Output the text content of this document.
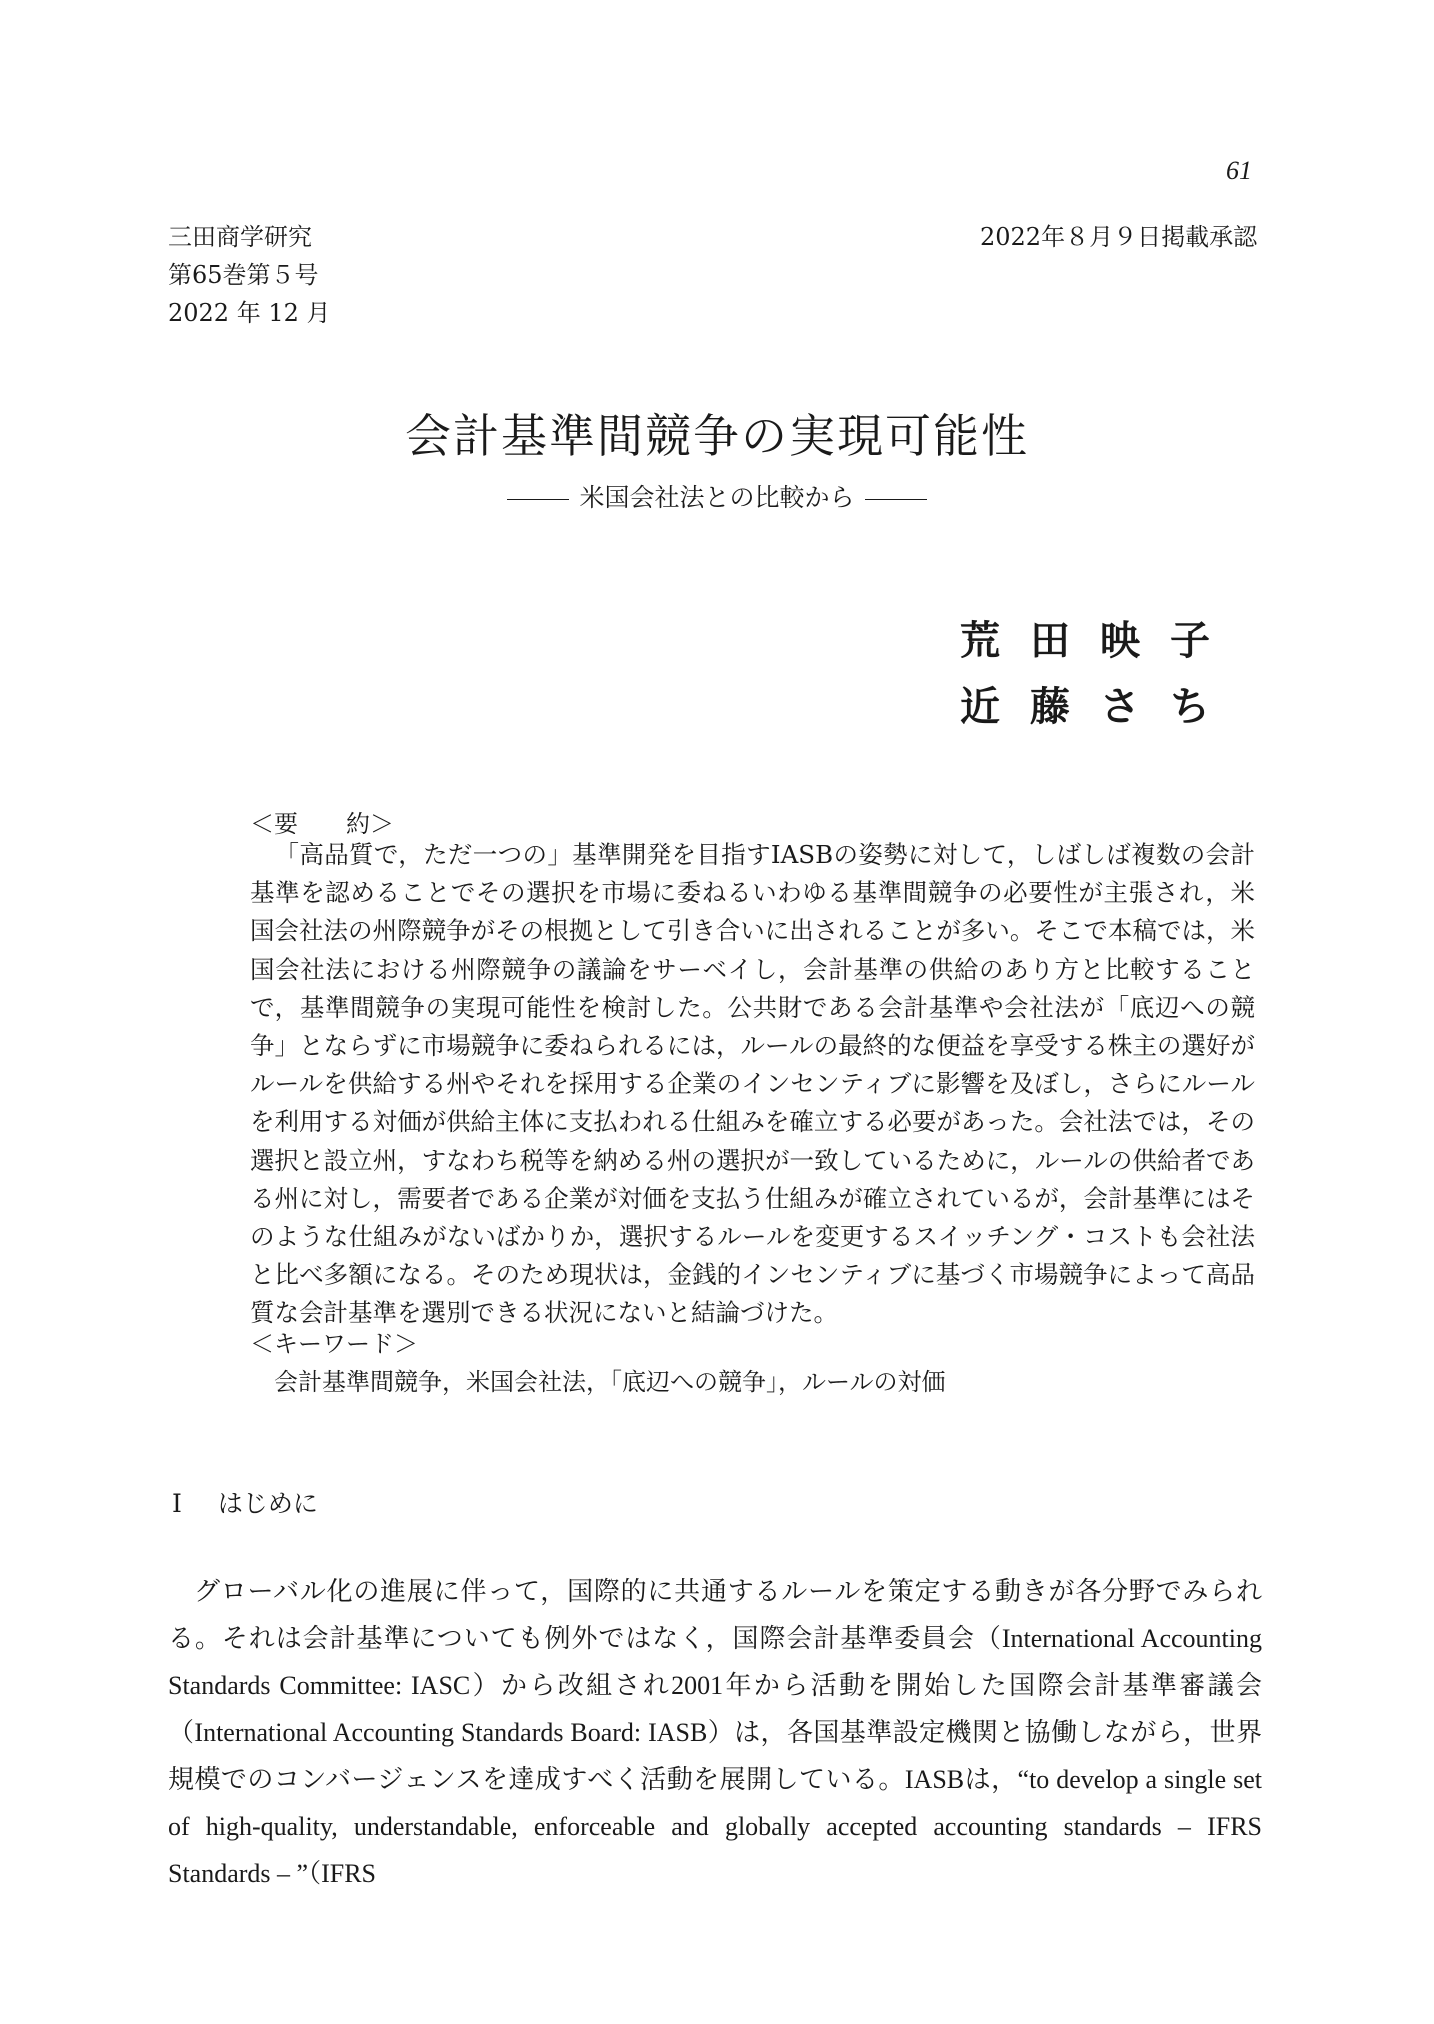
61
三田商学研究
第65巻第５号
2022 年 12 月
2022年８月９日掲載承認
会計基準間競争の実現可能性
米国会社法との比較から
荒田映子
近藤さち
＜要　　約＞
「高品質で，ただ一つの」基準開発を目指すIASBの姿勢に対して，しばしば複数の会計基準を認めることでその選択を市場に委ねるいわゆる基準間競争の必要性が主張され，米国会社法の州際競争がその根拠として引き合いに出されることが多い。そこで本稿では，米国会社法における州際競争の議論をサーベイし，会計基準の供給のあり方と比較することで，基準間競争の実現可能性を検討した。公共財である会計基準や会社法が「底辺への競争」とならずに市場競争に委ねられるには，ルールの最終的な便益を享受する株主の選好がルールを供給する州やそれを採用する企業のインセンティブに影響を及ぼし，さらにルールを利用する対価が供給主体に支払われる仕組みを確立する必要があった。会社法では，その選択と設立州，すなわち税等を納める州の選択が一致しているために，ルールの供給者である州に対し，需要者である企業が対価を支払う仕組みが確立されているが，会計基準にはそのような仕組みがないばかりか，選択するルールを変更するスイッチング・コストも会社法と比べ多額になる。そのため現状は，金銭的インセンティブに基づく市場競争によって高品質な会計基準を選別できる状況にないと結論づけた。
＜キーワード＞
会計基準間競争，米国会社法，「底辺への競争」，ルールの対価
Ⅰ はじめに
グローバル化の進展に伴って，国際的に共通するルールを策定する動きが各分野でみられる。それは会計基準についても例外ではなく，国際会計基準委員会（International Accounting Standards Committee: IASC）から改組され2001年から活動を開始した国際会計基準審議会（International Accounting Standards Board: IASB）は，各国基準設定機関と協働しながら，世界規模でのコンバージェンスを達成すべく活動を展開している。IASBは，“to develop a single set of high-quality, understandable, enforceable and globally accepted accounting standards – IFRS Standards – ”（IFRS
